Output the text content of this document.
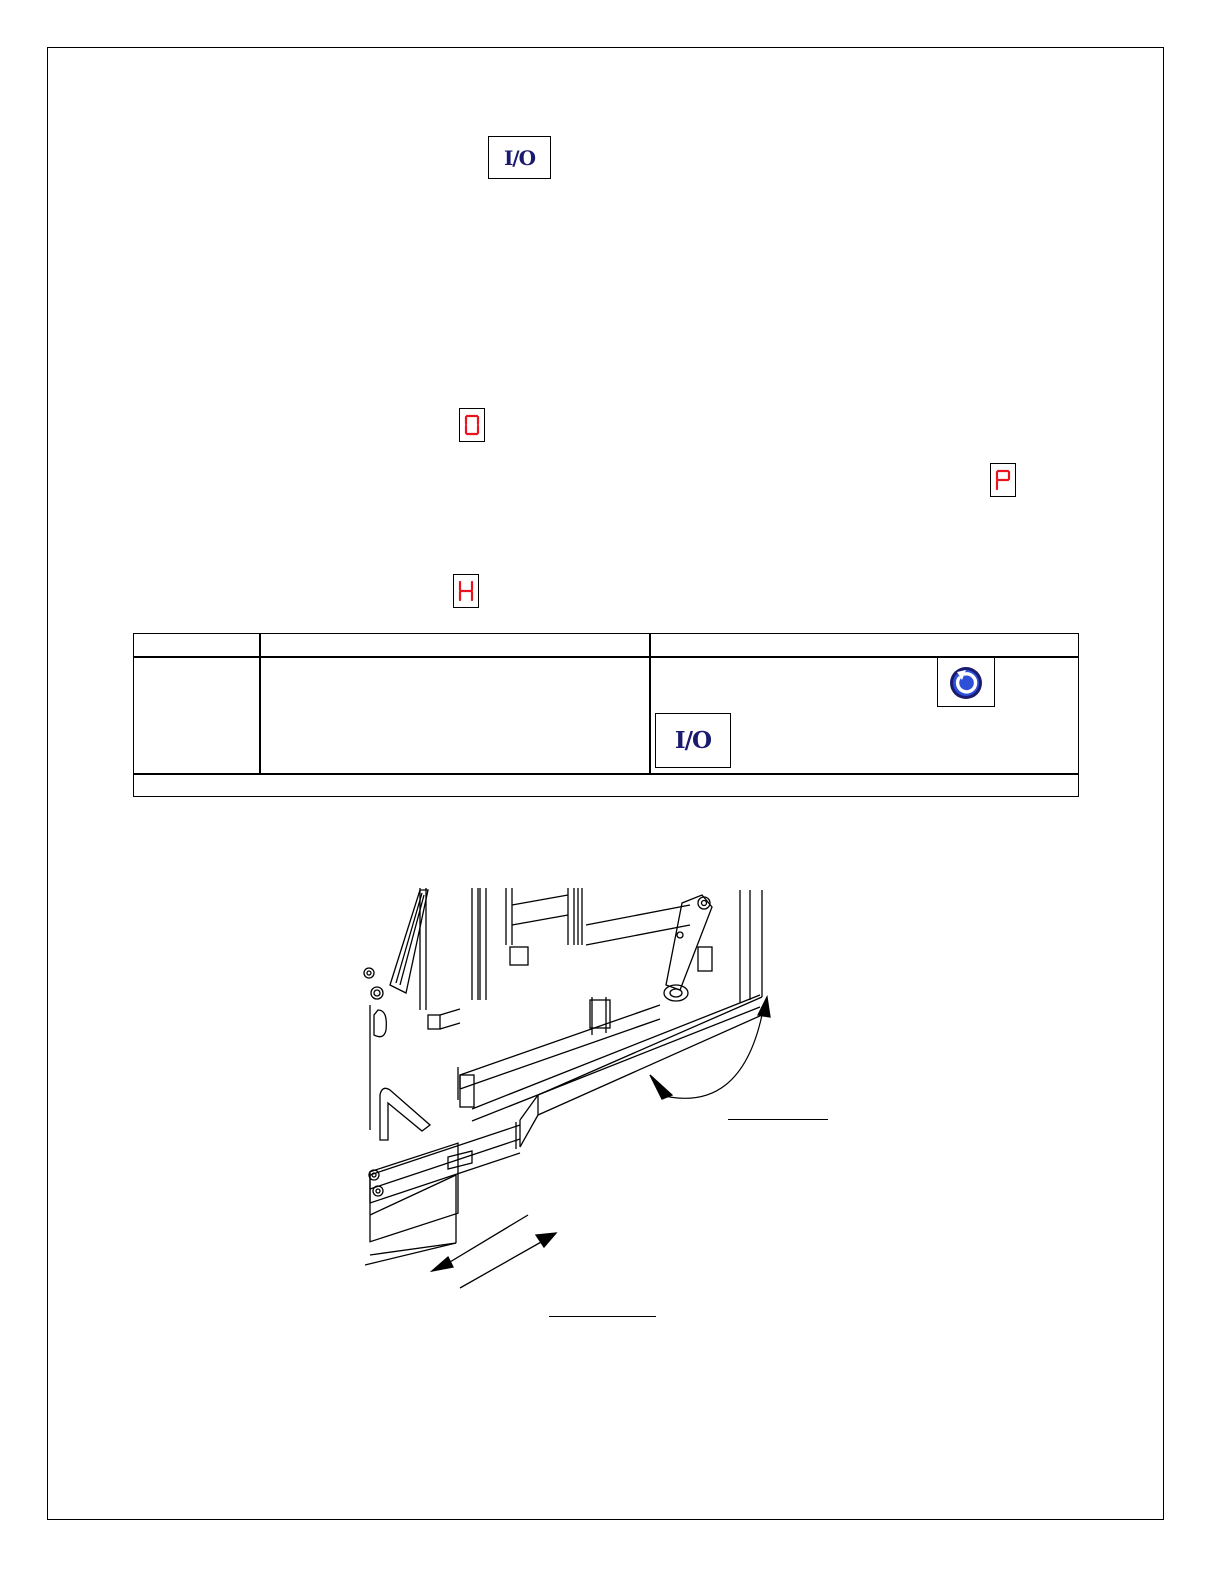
I/O
I/O
